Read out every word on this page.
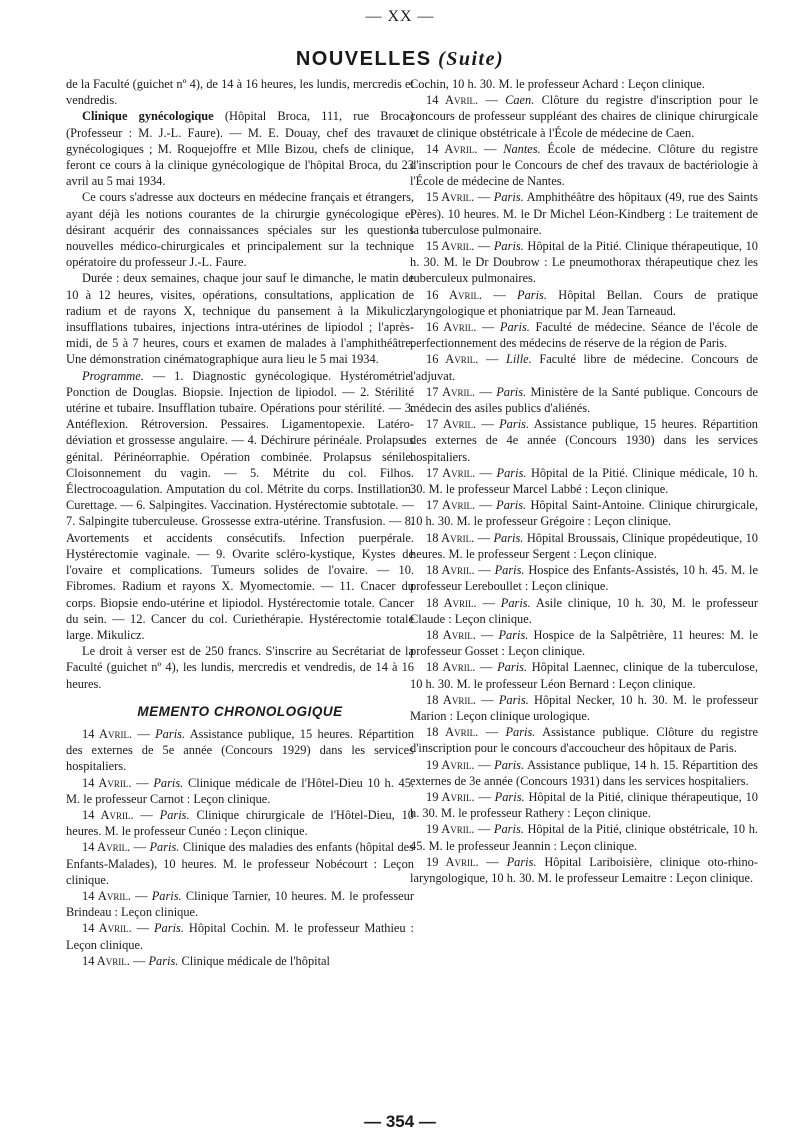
— XX —
NOUVELLES (Suite)

de la Faculté (guichet nº 4), de 14 à 16 heures, les lundis, mercredis et vendredis.

Clinique gynécologique (Hôpital Broca, 111, rue Broca) (Professeur : M. J.-L. Faure). — M. E. Douay, chef des travaux gynécologiques ; M. Roquejoffre et Mlle Bizou, chefs de clinique, feront ce cours à la clinique gynécologique de l'hôpital Broca, du 23 avril au 5 mai 1934.

Ce cours s'adresse aux docteurs en médecine français et étrangers, ayant déjà les notions courantes de la chirurgie gynécologique et désirant acquérir des connaissances spéciales sur les questions nouvelles médico-chirurgicales et principalement sur la technique opératoire du professeur J.-L. Faure.

Durée : deux semaines, chaque jour sauf le dimanche, le matin de 10 à 12 heures, visites, opérations, consultations, application de radium et de rayons X, technique du pansement à la Mikulicz, insufflations tubaires, injections intra-utérines de lipiodol ; l'après-midi, de 5 à 7 heures, cours et examen de malades à l'amphithéâtre. Une démonstration cinématographique aura lieu le 5 mai 1934.

Programme. — 1. Diagnostic gynécologique. Hystérométrie. Ponction de Douglas. Biopsie. Injection de lipiodol. — 2. Stérilité utérine et tubaire. Insufflation tubaire. Opérations pour stérilité. — 3. Antéflexion. Rétroversion. Pessaires. Ligamentopexie. Latéro-déviation et grossesse angulaire. — 4. Déchirure périnéale. Prolapsus génital. Périnéorraphie. Opération combinée. Prolapsus sénile. Cloisonnement du vagin. — 5. Métrite du col. Filhos. Électrocoagulation. Amputation du col. Métrite du corps. Instillation. Curettage. — 6. Salpingites. Vaccination. Hystérectomie subtotale. — 7. Salpingite tuberculeuse. Grossesse extra-utérine. Transfusion. — 8. Avortements et accidents consécutifs. Infection puerpérale. Hystérectomie vaginale. — 9. Ovarite scléro-kystique, Kystes de l'ovaire et complications. Tumeurs solides de l'ovaire. — 10. Fibromes. Radium et rayons X. Myomectomie. — 11. Cnacer du corps. Biopsie endo-utérine et lipiodol. Hystérectomie totale. Cancer du sein. — 12. Cancer du col. Curiethérapie. Hystérectomie totale large. Mikulicz.

Le droit à verser est de 250 francs. S'inscrire au Secrétariat de la Faculté (guichet nº 4), les lundis, mercredis et vendredis, de 14 à 16 heures.

MEMENTO CHRONOLOGIQUE

14 Avril. — Paris. Assistance publique, 15 heures. Répartition des externes de 5e année (Concours 1929) dans les services hospitaliers.

14 Avril. — Paris. Clinique médicale de l'Hôtel-Dieu 10 h. 45. M. le professeur Carnot : Leçon clinique.

14 Avril. — Paris. Clinique chirurgicale de l'Hôtel-Dieu, 10 heures. M. le professeur Cunéo : Leçon clinique.

14 Avril. — Paris. Clinique des maladies des enfants (hôpital des Enfants-Malades), 10 heures. M. le professeur Nobécourt : Leçon clinique.

14 Avril. — Paris. Clinique Tarnier, 10 heures. M. le professeur Brindeau : Leçon clinique.

14 Avril. — Paris. Hôpital Cochin. M. le professeur Mathieu : Leçon clinique.

14 Avril. — Paris. Clinique médicale de l'hôpital

Cochin, 10 h. 30. M. le professeur Achard : Leçon clinique.

14 Avril. — Caen. Clôture du registre d'inscription pour le concours de professeur suppléant des chaires de clinique chirurgicale et de clinique obstétricale à l'École de médecine de Caen.

14 Avril. — Nantes. École de médecine. Clôture du registre d'inscription pour le Concours de chef des travaux de bactériologie à l'École de médecine de Nantes.

15 Avril. — Paris. Amphithéâtre des hôpitaux (49, rue des Saints Pères). 10 heures. M. le Dr Michel Léon-Kindberg : Le traitement de la tuberculose pulmonaire.

15 Avril. — Paris. Hôpital de la Pitié. Clinique thérapeutique, 10 h. 30. M. le Dr Doubrow : Le pneumothorax thérapeutique chez les tuberculeux pulmonaires.

16 Avril. — Paris. Hôpital Bellan. Cours de pratique laryngologique et phoniatrique par M. Jean Tarneaud.

16 Avril. — Paris. Faculté de médecine. Séance de l'école de perfectionnement des médecins de réserve de la région de Paris.

16 Avril. — Lille. Faculté libre de médecine. Concours de l'adjuvat.

17 Avril. — Paris. Ministère de la Santé publique. Concours de médecin des asiles publics d'aliénés.

17 Avril. — Paris. Assistance publique, 15 heures. Répartition des externes de 4e année (Concours 1930) dans les services hospitaliers.

17 Avril. — Paris. Hôpital de la Pitié. Clinique médicale, 10 h. 30. M. le professeur Marcel Labbé : Leçon clinique.

17 Avril. — Paris. Hôpital Saint-Antoine. Clinique chirurgicale, 10 h. 30. M. le professeur Grégoire : Leçon clinique.

18 Avril. — Paris. Hôpital Broussais, Clinique propédeutique, 10 heures. M. le professeur Sergent : Leçon clinique.

18 Avril. — Paris. Hospice des Enfants-Assistés, 10 h. 45. M. le professeur Lereboullet : Leçon clinique.

18 Avril. — Paris. Asile clinique, 10 h. 30, M. le professeur Claude : Leçon clinique.

18 Avril. — Paris. Hospice de la Salpêtrière, 11 heures: M. le professeur Gosset : Leçon clinique.

18 Avril. — Paris. Hôpital Laennec, clinique de la tuberculose, 10 h. 30. M. le professeur Léon Bernard : Leçon clinique.

18 Avril. — Paris. Hôpital Necker, 10 h. 30. M. le professeur Marion : Leçon clinique urologique.

18 Avril. — Paris. Assistance publique. Clôture du registre d'inscription pour le concours d'accoucheur des hôpitaux de Paris.

19 Avril. — Paris. Assistance publique, 14 h. 15. Répartition des externes de 3e année (Concours 1931) dans les services hospitaliers.

19 Avril. — Paris. Hôpital de la Pitié, clinique thérapeutique, 10 h. 30. M. le professeur Rathery : Leçon clinique.

19 Avril. — Paris. Hôpital de la Pitié, clinique obstétricale, 10 h. 45. M. le professeur Jeannin : Leçon clinique.

19 Avril. — Paris. Hôpital Lariboisière, clinique oto-rhino-laryngologique, 10 h. 30. M. le professeur Lemaitre : Leçon clinique.

— 354 —
